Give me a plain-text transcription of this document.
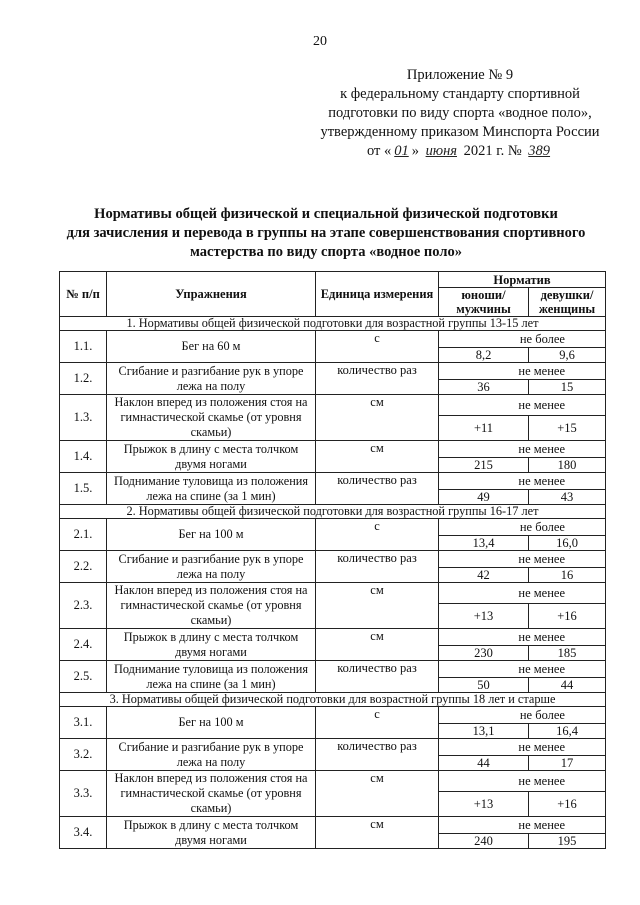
20
Приложение № 9
к федеральному стандарту спортивной
подготовки по виду спорта «водное поло»,
утвержденному приказом Минспорта России
от « 01 » июня 2021 г. № 389
Нормативы общей физической и специальной физической подготовки
для зачисления и перевода в группы на этапе совершенствования спортивного
мастерства по виду спорта «водное поло»
№ п/п	Упражнения	Единица измерения	Норматив	
			юноши/ мужчины	девушки/ женщины
1. Нормативы общей физической подготовки для возрастной группы 13-15 лет				
1.1.	Бег на 60 м	с	не более	
			8,2	9,6
1.2.	Сгибание и разгибание рук в упоре лежа на полу	количество раз	не менее	
			36	15
1.3.	Наклон вперед из положения стоя на гимнастической скамье (от уровня скамьи)	см	не менее	
			+11	+15
1.4.	Прыжок в длину с места толчком двумя ногами	см	не менее	
			215	180
1.5.	Поднимание туловища из положения лежа на спине (за 1 мин)	количество раз	не менее	
			49	43
2. Нормативы общей физической подготовки для возрастной группы 16-17 лет				
2.1.	Бег на 100 м	с	не более	
			13,4	16,0
2.2.	Сгибание и разгибание рук в упоре лежа на полу	количество раз	не менее	
			42	16
2.3.	Наклон вперед из положения стоя на гимнастической скамье (от уровня скамьи)	см	не менее	
			+13	+16
2.4.	Прыжок в длину с места толчком двумя ногами	см	не менее	
			230	185
2.5.	Поднимание туловища из положения лежа на спине (за 1 мин)	количество раз	не менее	
			50	44
3. Нормативы общей физической подготовки для возрастной группы 18 лет и старше				
3.1.	Бег на 100 м	с	не более	
			13,1	16,4
3.2.	Сгибание и разгибание рук в упоре лежа на полу	количество раз	не менее	
			44	17
3.3.	Наклон вперед из положения стоя на гимнастической скамье (от уровня скамьи)	см	не менее	
			+13	+16
3.4.	Прыжок в длину с места толчком двумя ногами	см	не менее	
			240	195
